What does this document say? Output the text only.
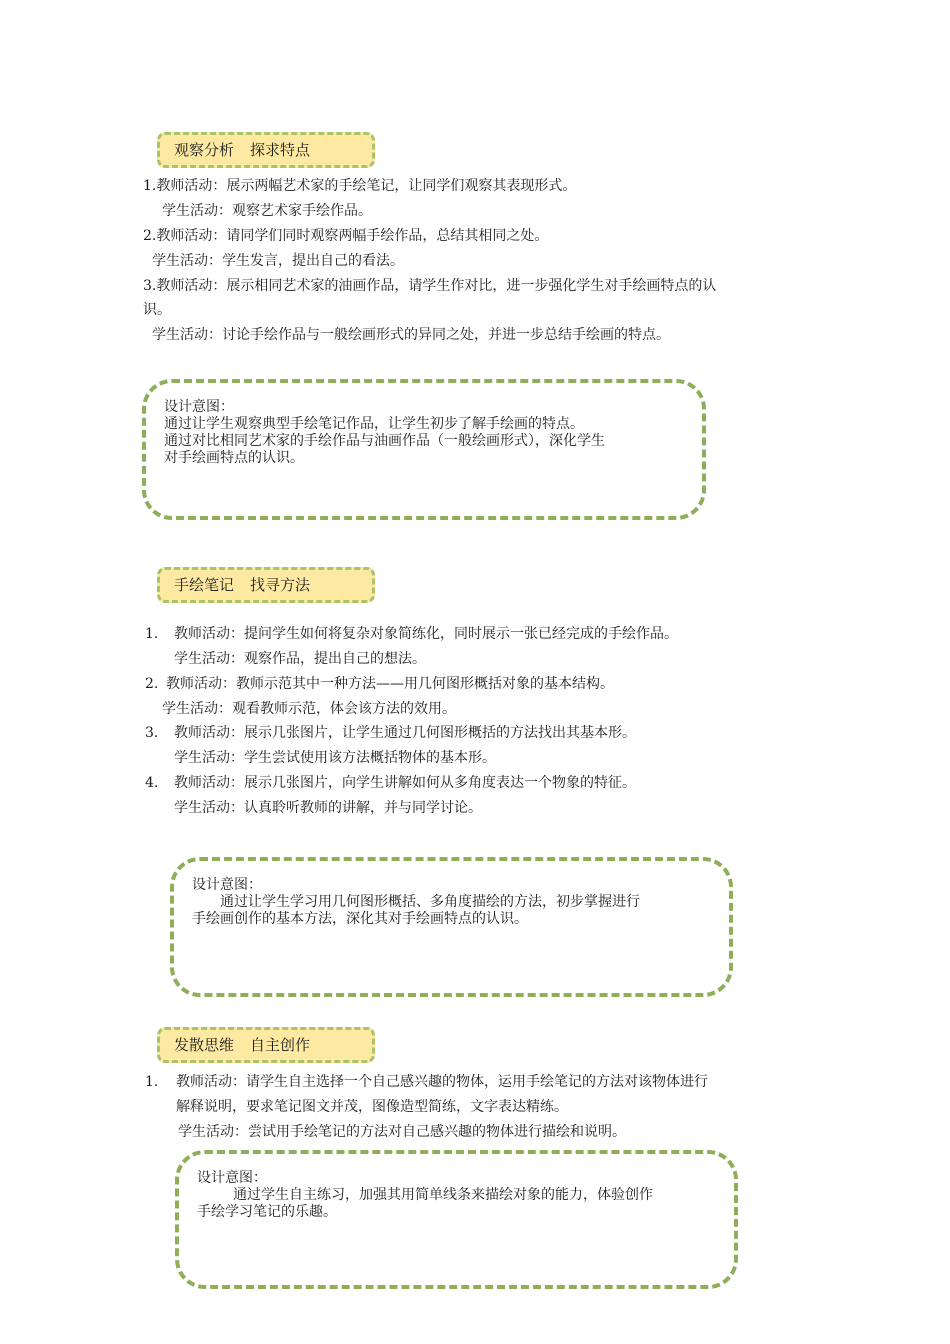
观察分析 探求特点
1.教师活动：展示两幅艺术家的手绘笔记，让同学们观察其表现形式。
学生活动：观察艺术家手绘作品。
2.教师活动：请同学们同时观察两幅手绘作品，总结其相同之处。
学生活动：学生发言，提出自己的看法。
3.教师活动：展示相同艺术家的油画作品，请学生作对比，进一步强化学生对手绘画特点的认
识。
学生活动：讨论手绘作品与一般绘画形式的异同之处，并进一步总结手绘画的特点。
设计意图：
通过让学生观察典型手绘笔记作品，让学生初步了解手绘画的特点。
通过对比相同艺术家的手绘作品与油画作品（一般绘画形式），深化学生
对手绘画特点的认识。
手绘笔记 找寻方法
1. 教师活动：提问学生如何将复杂对象简练化，同时展示一张已经完成的手绘作品。
学生活动：观察作品，提出自己的想法。
2. 教师活动：教师示范其中一种方法——用几何图形概括对象的基本结构。
学生活动：观看教师示范，体会该方法的效用。
3. 教师活动：展示几张图片，让学生通过几何图形概括的方法找出其基本形。
学生活动：学生尝试使用该方法概括物体的基本形。
4. 教师活动：展示几张图片，向学生讲解如何从多角度表达一个物象的特征。
学生活动：认真聆听教师的讲解，并与同学讨论。
设计意图：
通过让学生学习用几何图形概括、多角度描绘的方法，初步掌握进行
手绘画创作的基本方法，深化其对手绘画特点的认识。
发散思维 自主创作
1. 教师活动：请学生自主选择一个自己感兴趣的物体，运用手绘笔记的方法对该物体进行
解释说明，要求笔记图文并茂，图像造型简练，文字表达精练。
学生活动：尝试用手绘笔记的方法对自己感兴趣的物体进行描绘和说明。
设计意图：
通过学生自主练习，加强其用简单线条来描绘对象的能力，体验创作
手绘学习笔记的乐趣。
